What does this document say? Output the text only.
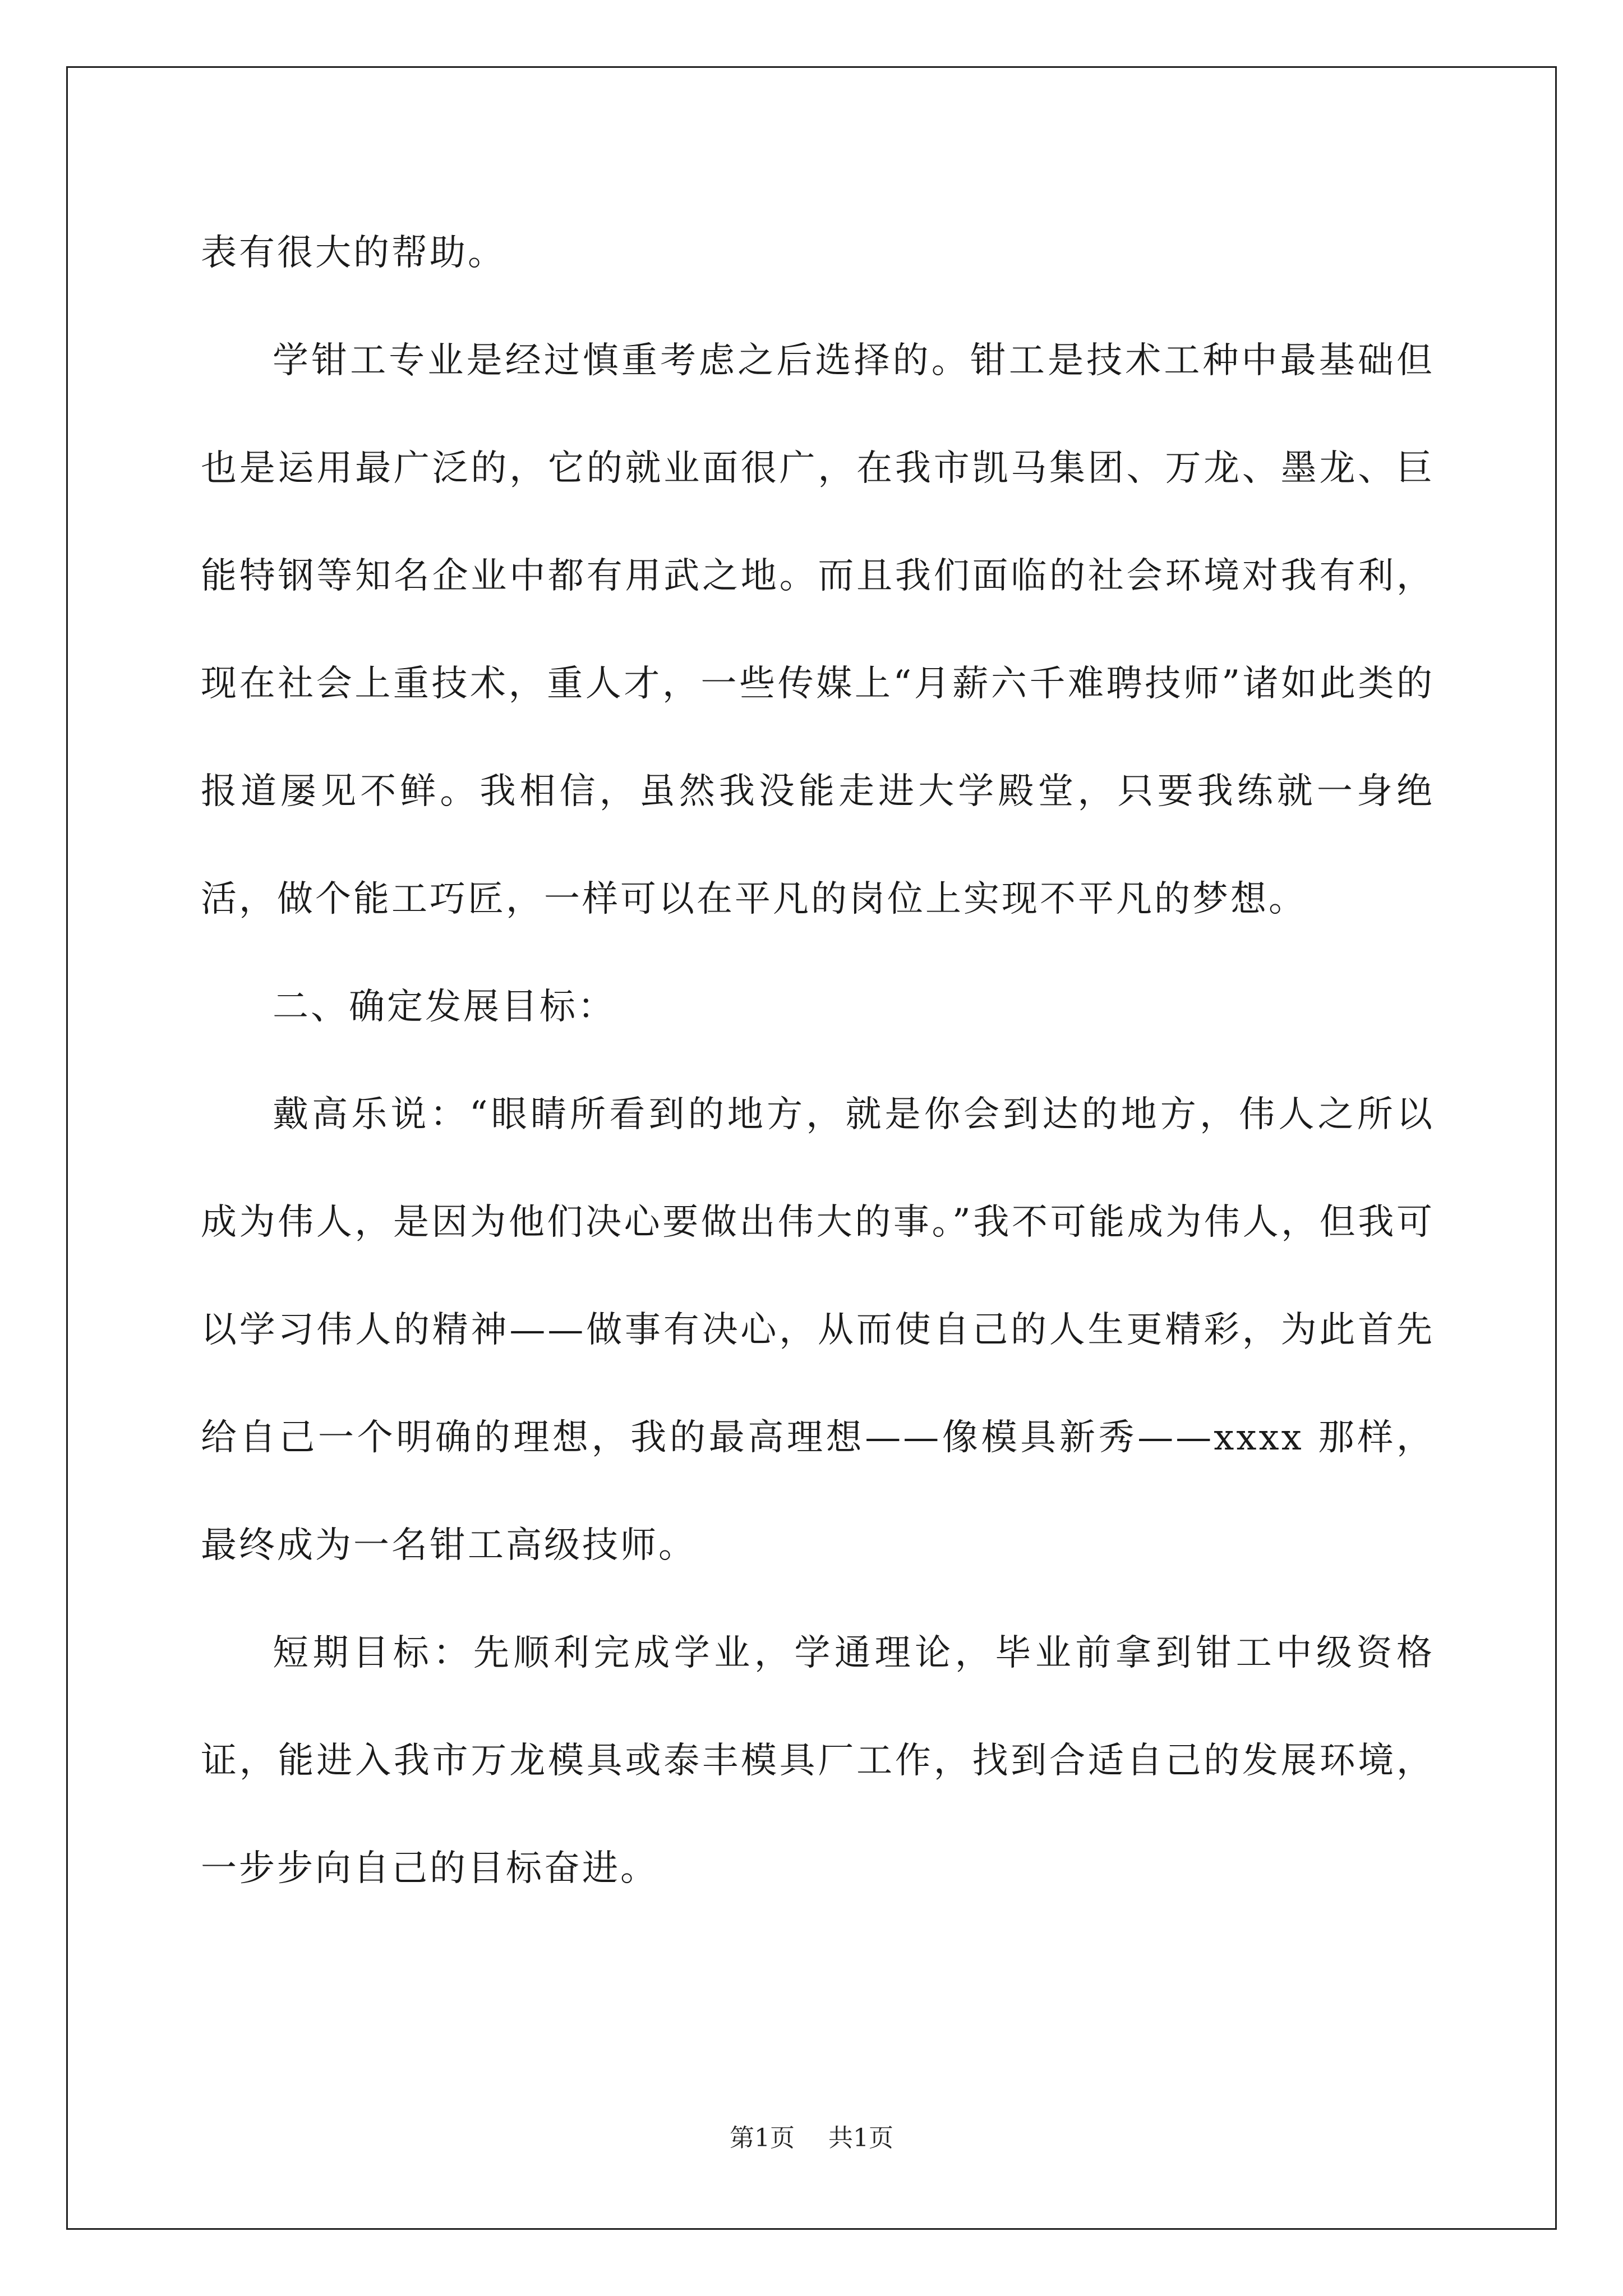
表有很大的帮助。

学钳工专业是经过慎重考虑之后选择的。钳工是技术工种中最基础但也是运用最广泛的，它的就业面很广，在我市凯马集团、万龙、墨龙、巨能特钢等知名企业中都有用武之地。而且我们面临的社会环境对我有利，现在社会上重技术，重人才，一些传媒上“月薪六千难聘技师”诸如此类的报道屡见不鲜。我相信，虽然我没能走进大学殿堂，只要我练就一身绝活，做个能工巧匠，一样可以在平凡的岗位上实现不平凡的梦想。

二、确定发展目标：

戴高乐说：“眼睛所看到的地方，就是你会到达的地方，伟人之所以成为伟人，是因为他们决心要做出伟大的事。”我不可能成为伟人，但我可以学习伟人的精神——做事有决心，从而使自己的人生更精彩，为此首先给自己一个明确的理想，我的最高理想——像模具新秀——xxxx 那样，最终成为一名钳工高级技师。

短期目标：先顺利完成学业，学通理论，毕业前拿到钳工中级资格证，能进入我市万龙模具或泰丰模具厂工作，找到合适自己的发展环境，一步步向自己的目标奋进。

第1页 共1页
